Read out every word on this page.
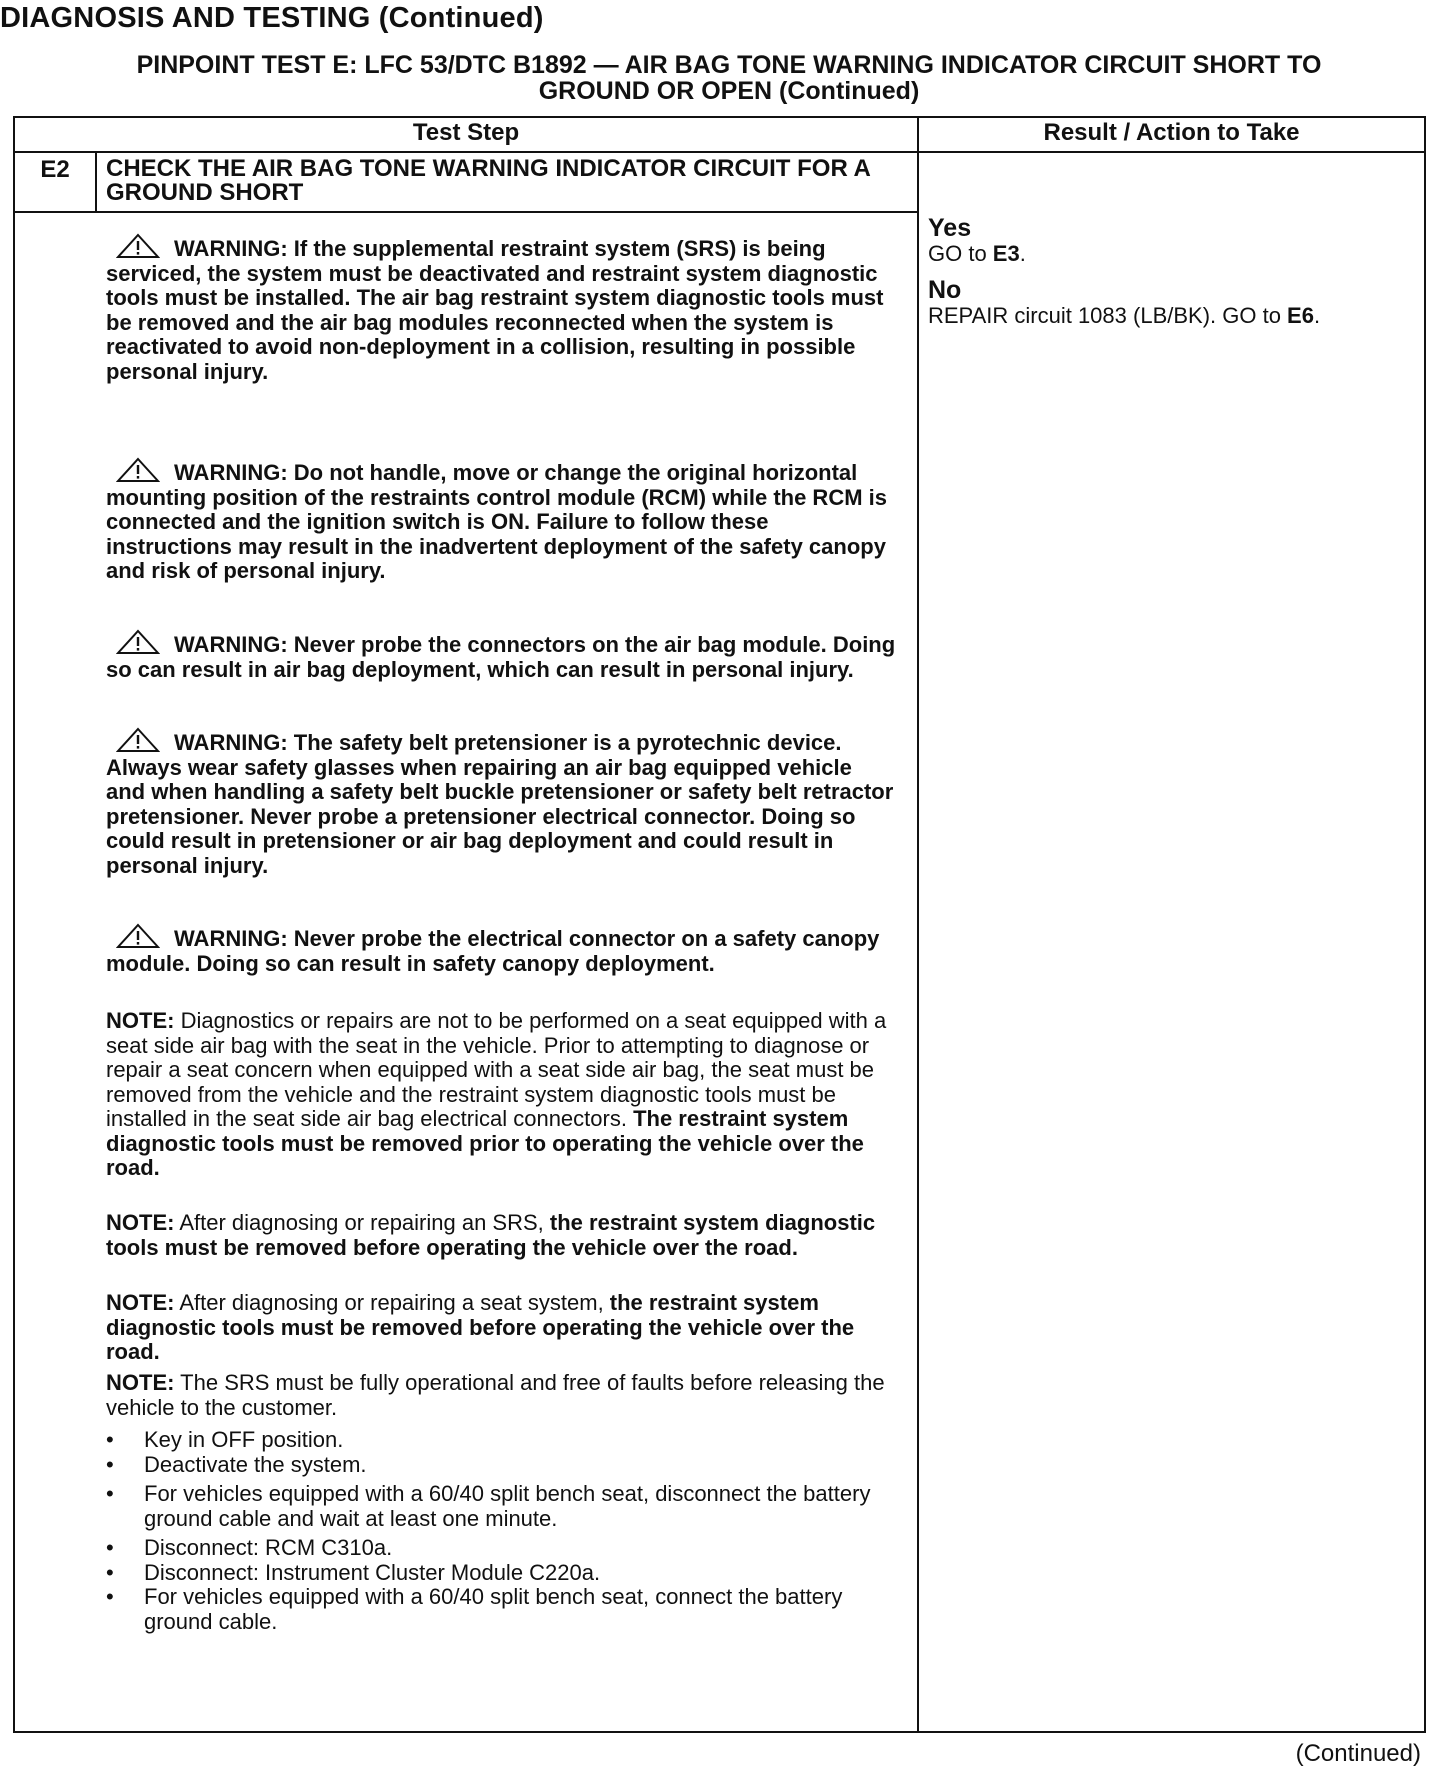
DIAGNOSIS AND TESTING (Continued)
PINPOINT TEST E: LFC 53/DTC B1892 — AIR BAG TONE WARNING INDICATOR CIRCUIT SHORT TO
GROUND OR OPEN (Continued)
Test Step	Result / Action to Take
E2	CHECK THE AIR BAG TONE WARNING INDICATOR CIRCUIT FOR A GROUND SHORT
Yes
GO to E3.
No
REPAIR circuit 1083 (LB/BK). GO to E6.
WARNING: If the supplemental restraint system (SRS) is being serviced, the system must be deactivated and restraint system diagnostic tools must be installed. The air bag restraint system diagnostic tools must be removed and the air bag modules reconnected when the system is reactivated to avoid non-deployment in a collision, resulting in possible personal injury.
WARNING: Do not handle, move or change the original horizontal mounting position of the restraints control module (RCM) while the RCM is connected and the ignition switch is ON. Failure to follow these instructions may result in the inadvertent deployment of the safety canopy and risk of personal injury.
WARNING: Never probe the connectors on the air bag module. Doing so can result in air bag deployment, which can result in personal injury.
WARNING: The safety belt pretensioner is a pyrotechnic device. Always wear safety glasses when repairing an air bag equipped vehicle and when handling a safety belt buckle pretensioner or safety belt retractor pretensioner. Never probe a pretensioner electrical connector. Doing so could result in pretensioner or air bag deployment and could result in personal injury.
WARNING: Never probe the electrical connector on a safety canopy module. Doing so can result in safety canopy deployment.
NOTE: Diagnostics or repairs are not to be performed on a seat equipped with a seat side air bag with the seat in the vehicle. Prior to attempting to diagnose or repair a seat concern when equipped with a seat side air bag, the seat must be removed from the vehicle and the restraint system diagnostic tools must be installed in the seat side air bag electrical connectors. The restraint system diagnostic tools must be removed prior to operating the vehicle over the road.
NOTE: After diagnosing or repairing an SRS, the restraint system diagnostic tools must be removed before operating the vehicle over the road.
NOTE: After diagnosing or repairing a seat system, the restraint system diagnostic tools must be removed before operating the vehicle over the road.
NOTE: The SRS must be fully operational and free of faults before releasing the vehicle to the customer.
• Key in OFF position.
• Deactivate the system.
• For vehicles equipped with a 60/40 split bench seat, disconnect the battery ground cable and wait at least one minute.
• Disconnect: RCM C310a.
• Disconnect: Instrument Cluster Module C220a.
• For vehicles equipped with a 60/40 split bench seat, connect the battery ground cable.
(Continued)
